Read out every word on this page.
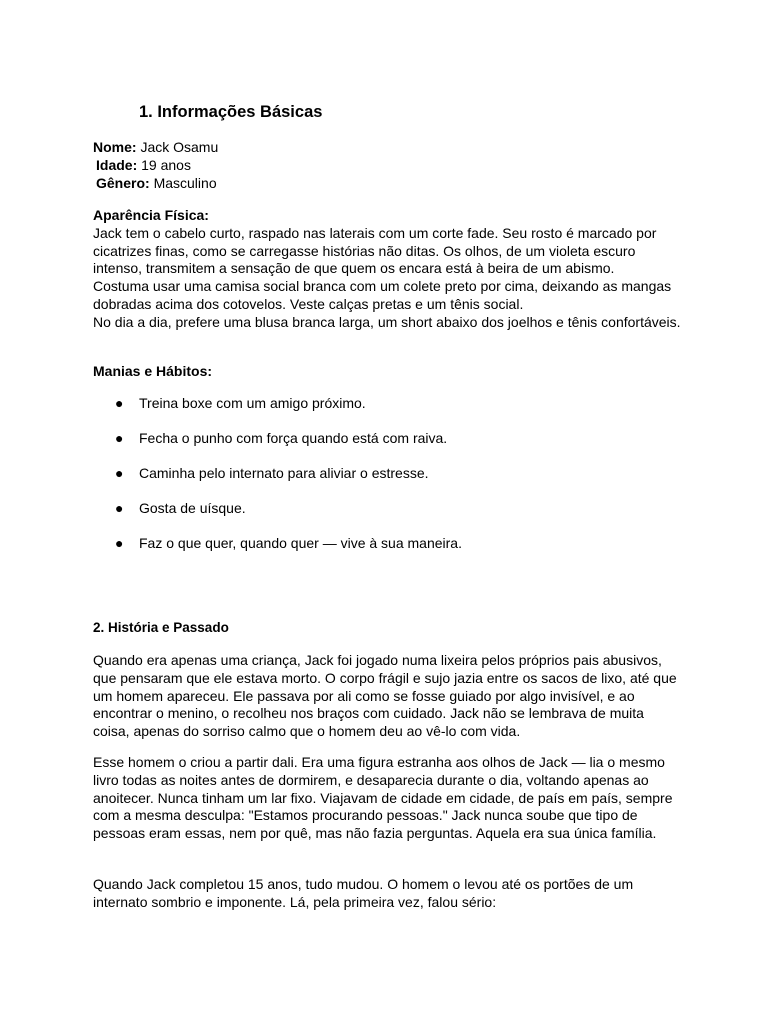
1. Informações Básicas
Nome: Jack Osamu
Idade: 19 anos
Gênero: Masculino
Aparência Física:
Jack tem o cabelo curto, raspado nas laterais com um corte fade. Seu rosto é marcado por cicatrizes finas, como se carregasse histórias não ditas. Os olhos, de um violeta escuro intenso, transmitem a sensação de que quem os encara está à beira de um abismo.
Costuma usar uma camisa social branca com um colete preto por cima, deixando as mangas dobradas acima dos cotovelos. Veste calças pretas e um tênis social.
No dia a dia, prefere uma blusa branca larga, um short abaixo dos joelhos e tênis confortáveis.
Manias e Hábitos:
● Treina boxe com um amigo próximo.
● Fecha o punho com força quando está com raiva.
● Caminha pelo internato para aliviar o estresse.
● Gosta de uísque.
● Faz o que quer, quando quer — vive à sua maneira.
2. História e Passado

Quando era apenas uma criança, Jack foi jogado numa lixeira pelos próprios pais abusivos, que pensaram que ele estava morto. O corpo frágil e sujo jazia entre os sacos de lixo, até que um homem apareceu. Ele passava por ali como se fosse guiado por algo invisível, e ao encontrar o menino, o recolheu nos braços com cuidado. Jack não se lembrava de muita coisa, apenas do sorriso calmo que o homem deu ao vê-lo com vida.

Esse homem o criou a partir dali. Era uma figura estranha aos olhos de Jack — lia o mesmo livro todas as noites antes de dormirem, e desaparecia durante o dia, voltando apenas ao anoitecer. Nunca tinham um lar fixo. Viajavam de cidade em cidade, de país em país, sempre com a mesma desculpa: "Estamos procurando pessoas." Jack nunca soube que tipo de pessoas eram essas, nem por quê, mas não fazia perguntas. Aquela era sua única família.

Quando Jack completou 15 anos, tudo mudou. O homem o levou até os portões de um internato sombrio e imponente. Lá, pela primeira vez, falou sério:
